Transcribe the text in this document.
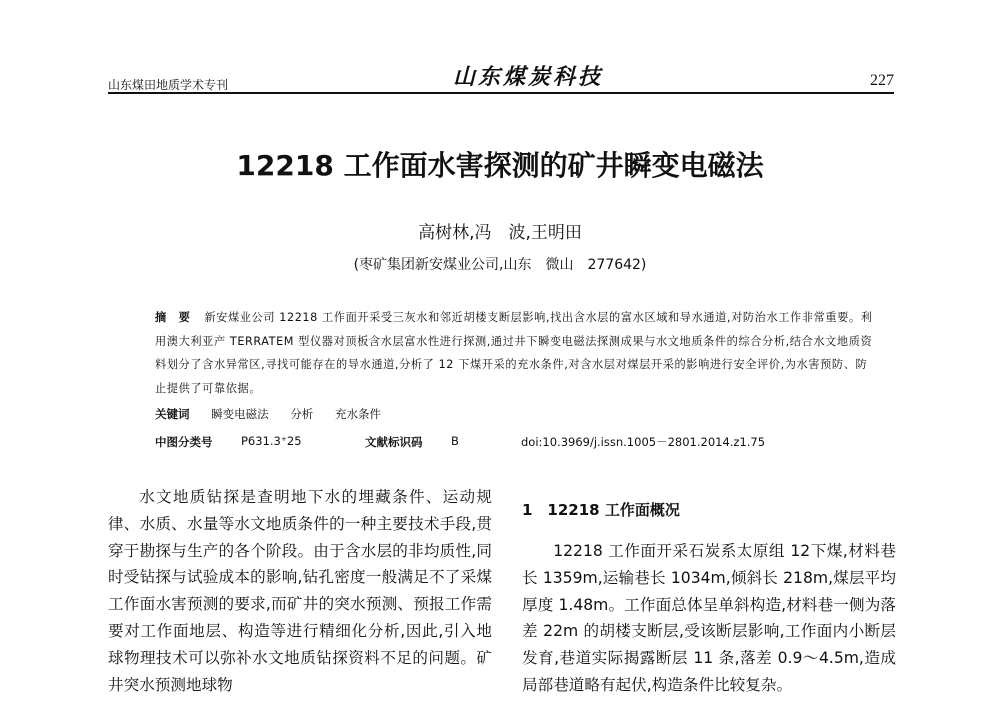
山东煤田地质学术专刊	山东煤炭科技	227
12218 工作面水害探测的矿井瞬变电磁法
高树林,冯　波,王明田
(枣矿集团新安煤业公司,山东　微山　277642)
摘　要 新安煤业公司 12218 工作面开采受三灰水和邻近胡楼支断层影响,找出含水层的富水区域和导水通道,对防治水工作非常重要。利用澳大利亚产 TERRATEM 型仪器对顶板含水层富水性进行探测,通过井下瞬变电磁法探测成果与水文地质条件的综合分析,结合水文地质资料划分了含水异常区,寻找可能存在的导水通道,分析了 12 下煤开采的充水条件,对含水层对煤层开采的影响进行安全评价,为水害预防、防止提供了可靠依据。
关键词 瞬变电磁法 分析 充水条件
中图分类号 P631.3⁺25	文献标识码 B	doi:10.3969/j.issn.1005－2801.2014.z1.75
水文地质钻探是查明地下水的埋藏条件、运动规律、水质、水量等水文地质条件的一种主要技术手段,贯穿于勘探与生产的各个阶段。由于含水层的非均质性,同时受钻探与试验成本的影响,钻孔密度一般满足不了采煤工作面水害预测的要求,而矿井的突水预测、预报工作需要对工作面地层、构造等进行精细化分析,因此,引入地球物理技术可以弥补水文地质钻探资料不足的问题。矿井突水预测地球物
1　12218 工作面概况
12218 工作面开采石炭系太原组 12下煤,材料巷长 1359m,运输巷长 1034m,倾斜长 218m,煤层平均厚度 1.48m。工作面总体呈单斜构造,材料巷一侧为落差 22m 的胡楼支断层,受该断层影响,工作面内小断层发育,巷道实际揭露断层 11 条,落差 0.9～4.5m,造成局部巷道略有起伏,构造条件比较复杂。
